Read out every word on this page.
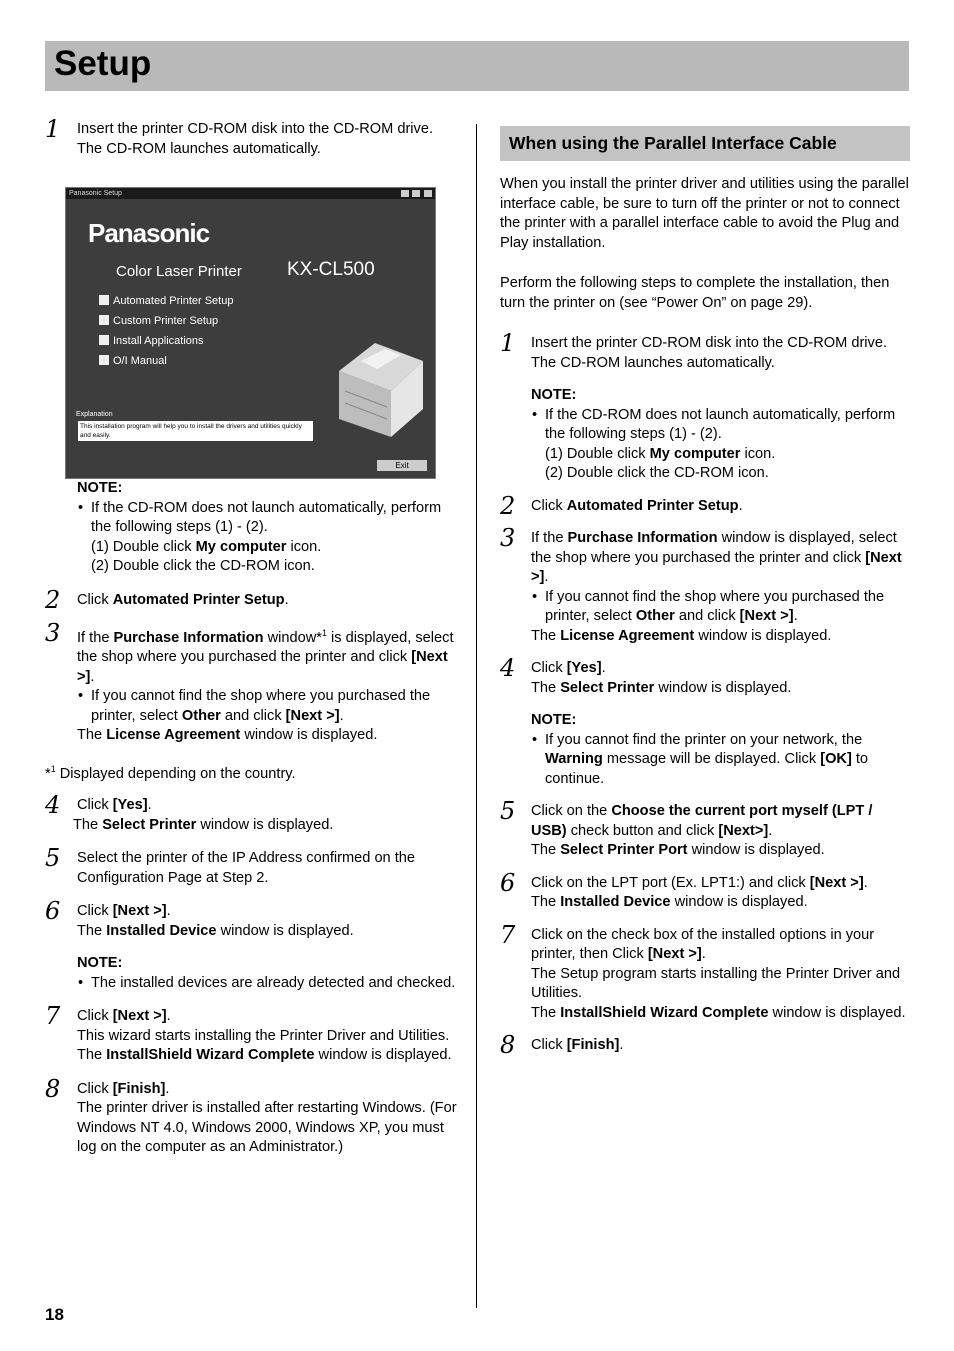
Setup
1 Insert the printer CD-ROM disk into the CD-ROM drive.

The CD-ROM launches automatically.

NOTE:

• If the CD-ROM does not launch automatically, perform the following steps (1) - (2).

(1) Double click My computer icon.

(2) Double click the CD-ROM icon.

2 Click Automated Printer Setup.

3 If the Purchase Information window*$^1$ is displayed, select the shop where you purchased the printer and click [Next >].

• If you cannot find the shop where you purchased the printer, select Other and click [Next >].

The License Agreement window is displayed.

*$^1$ Displayed depending on the country.

4 Click [Yes].

The Select Printer window is displayed.

5 Select the printer of the IP Address confirmed on the Configuration Page at Step 2.

6 Click [Next >].

The Installed Device window is displayed.

NOTE:

• The installed devices are already detected and checked.

7 Click [Next >].

This wizard starts installing the Printer Driver and Utilities.

The InstallShield Wizard Complete window is displayed.

8 Click [Finish].

The printer driver is installed after restarting Windows. (For Windows NT 4.0, Windows 2000, Windows XP, you must log on the computer as an Administrator.)

Panasonic Setup
Panasonic
Color Laser Printer KX-CL500
Automated Printer Setup
Custom Printer Setup
Install Applications
O/I Manual
Explanation
This installation program will help you to install the drivers and utilities quickly and easily.
Exit
When using the Parallel Interface Cable

When you install the printer driver and utilities using the parallel interface cable, be sure to turn off the printer or not to connect the printer with a parallel interface cable to avoid the Plug and Play installation.

Perform the following steps to complete the installation, then turn the printer on (see “Power On” on page 29).

1 Insert the printer CD-ROM disk into the CD-ROM drive.

The CD-ROM launches automatically.

NOTE:

• If the CD-ROM does not launch automatically, perform the following steps (1) - (2).

(1) Double click My computer icon.

(2) Double click the CD-ROM icon.

2 Click Automated Printer Setup.

3 If the Purchase Information window is displayed, select the shop where you purchased the printer and click [Next >].

• If you cannot find the shop where you purchased the printer, select Other and click [Next >].

The License Agreement window is displayed.

4 Click [Yes].

The Select Printer window is displayed.

NOTE:

• If you cannot find the printer on your network, the Warning message will be displayed. Click [OK] to continue.

5 Click on the Choose the current port myself (LPT / USB) check button and click [Next>].

The Select Printer Port window is displayed.

6 Click on the LPT port (Ex. LPT1:) and click [Next >].

The Installed Device window is displayed.

7 Click on the check box of the installed options in your printer, then Click [Next >].

The Setup program starts installing the Printer Driver and Utilities.

The InstallShield Wizard Complete window is displayed.

8 Click [Finish].

18
